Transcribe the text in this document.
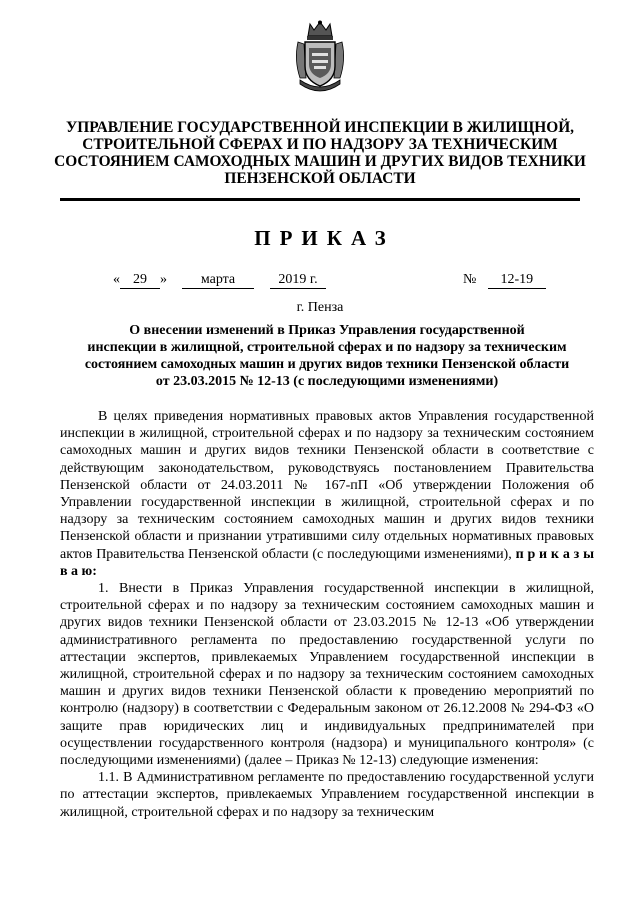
УПРАВЛЕНИЕ ГОСУДАРСТВЕННОЙ ИНСПЕКЦИИ В ЖИЛИЩНОЙ,
СТРОИТЕЛЬНОЙ СФЕРАХ И ПО НАДЗОРУ ЗА ТЕХНИЧЕСКИМ
СОСТОЯНИЕМ САМОХОДНЫХ МАШИН И ДРУГИХ ВИДОВ ТЕХНИКИ
ПЕНЗЕНСКОЙ ОБЛАСТИ
ПРИКАЗ
« 29 »	марта	2019 г.	№ 12-19
г. Пенза
О внесении изменений в Приказ Управления государственной
инспекции в жилищной, строительной сферах и по надзору за техническим
состоянием самоходных машин и других видов техники Пензенской области
от 23.03.2015 № 12-13 (с последующими изменениями)

В целях приведения нормативных правовых актов Управления государственной инспекции в жилищной, строительной сферах и по надзору за техническим состоянием самоходных машин и других видов техники Пензенской области в соответствие с действующим законодательством, руководствуясь постановлением Правительства Пензенской области от 24.03.2011 № 167-пП «Об утверждении Положения об Управлении государственной инспекции в жилищной, строительной сферах и по надзору за техническим состоянием самоходных машин и других видов техники Пензенской области и признании утратившими силу отдельных нормативных правовых актов Правительства Пензенской области (с последующими изменениями), п р и к а з ы в а ю:

1. Внести в Приказ Управления государственной инспекции в жилищной, строительной сферах и по надзору за техническим состоянием самоходных машин и других видов техники Пензенской области от 23.03.2015 № 12-13 «Об утверждении административного регламента по предоставлению государственной услуги по аттестации экспертов, привлекаемых Управлением государственной инспекции в жилищной, строительной сферах и по надзору за техническим состоянием самоходных машин и других видов техники Пензенской области к проведению мероприятий по контролю (надзору) в соответствии с Федеральным законом от 26.12.2008 № 294-ФЗ «О защите прав юридических лиц и индивидуальных предпринимателей при осуществлении государственного контроля (надзора) и муниципального контроля» (с последующими изменениями) (далее – Приказ № 12-13) следующие изменения:

1.1. В Административном регламенте по предоставлению государственной услуги по аттестации экспертов, привлекаемых Управлением государственной инспекции в жилищной, строительной сферах и по надзору за техническим
